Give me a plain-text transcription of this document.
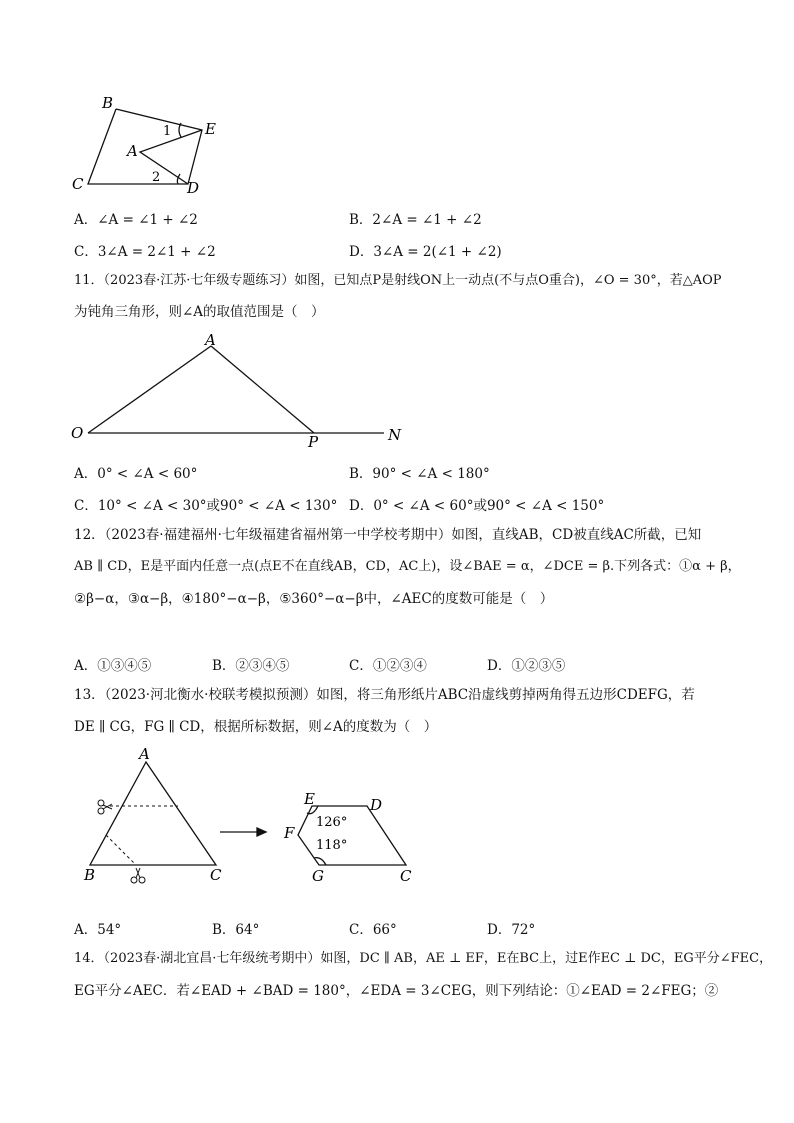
B
E
A
C	D
1
2
A．∠A = ∠1 + ∠2	B．2∠A = ∠1 + ∠2
C．3∠A = 2∠1 + ∠2	D．3∠A = 2(∠1 + ∠2)
11．（2023春·江苏·七年级专题练习）如图，已知点P是射线ON上一动点(不与点O重合)，∠O = 30°，若△AOP
为钝角三角形，则∠A的取值范围是（　）
A
O	P	N
A．0° < ∠A < 60°	B．90° < ∠A < 180°
C．10° < ∠A < 30°或90° < ∠A < 130° D．0° < ∠A < 60°或90° < ∠A < 150°
12．（2023春·福建福州·七年级福建省福州第一中学校考期中）如图，直线AB，CD被直线AC所截，已知
AB ∥ CD，E是平面内任意一点(点E不在直线AB，CD，AC上)，设∠BAE = α，∠DCE = β.下列各式：①α + β，
②β−α，③α−β，④180°−α−β，⑤360°−α−β中，∠AEC的度数可能是（　）
A．①③④⑤	B．②③④⑤	C．①②③④	D．①②③⑤
13．（2023·河北衡水·校联考模拟预测）如图，将三角形纸片ABC沿虚线剪掉两角得五边形CDEFG，若
DE ∥ CG，FG ∥ CD，根据所标数据，则∠A的度数为（　）
A
B	C
E	D
F
G	C
126°
118°
A．54°	B．64°	C．66°	D．72°
14．（2023春·湖北宜昌·七年级统考期中）如图，DC ∥ AB，AE ⊥ EF，E在BC上，过E作EC ⊥ DC，EG平分∠FEC，
EG平分∠AEC．若∠EAD + ∠BAD = 180°，∠EDA = 3∠CEG，则下列结论：①∠EAD = 2∠FEG；②
